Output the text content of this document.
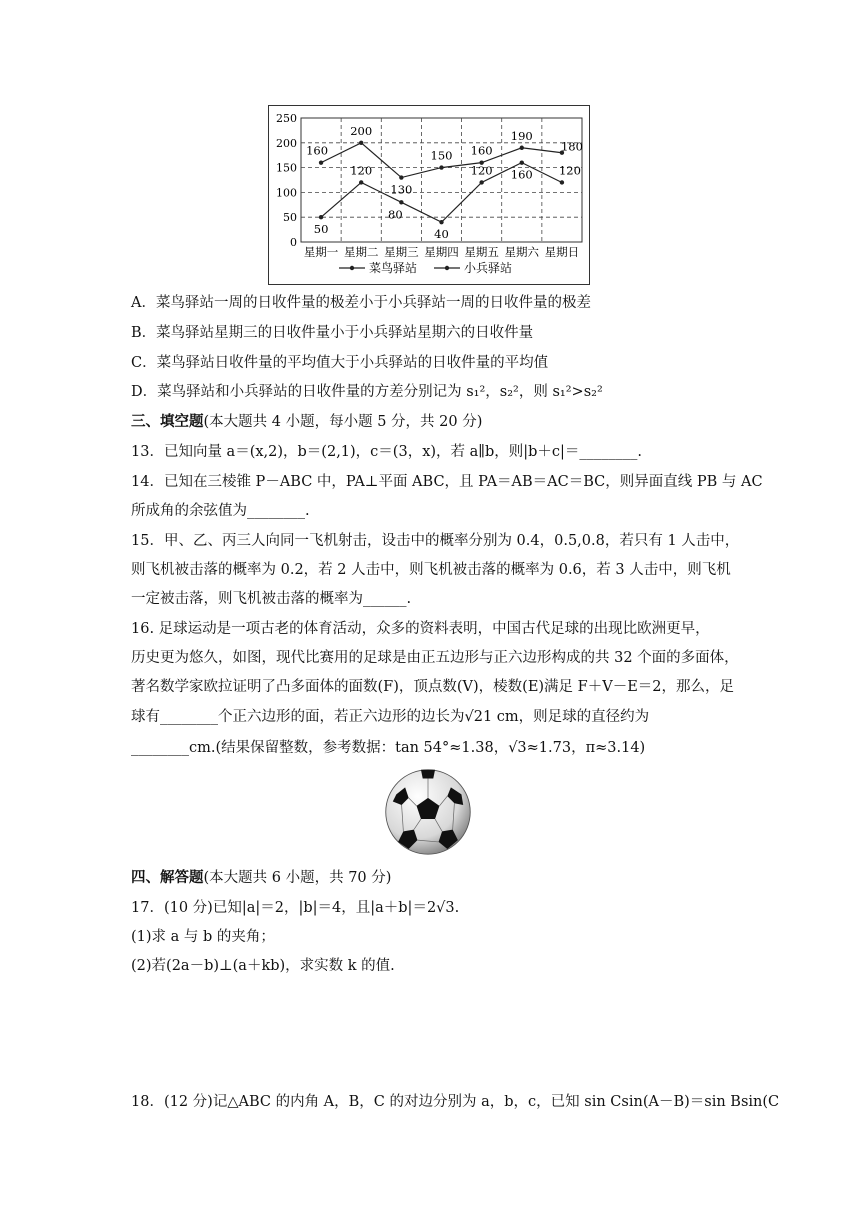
0
50
100
150
200
250
星期一 星期二 星期三 星期四 星期五 星期六 星期日
160
200
130
150 160
190
180
50
120
80
40
120 160 120
菜鸟驿站	小兵驿站
A．菜鸟驿站一周的日收件量的极差小于小兵驿站一周的日收件量的极差
B．菜鸟驿站星期三的日收件量小于小兵驿站星期六的日收件量
C．菜鸟驿站日收件量的平均值大于小兵驿站的日收件量的平均值
D．菜鸟驿站和小兵驿站的日收件量的方差分别记为 s₁²，s₂²，则 s₁²>s₂²
三、填空题(本大题共 4 小题，每小题 5 分，共 20 分)
13．已知向量 a＝(x,2)，b＝(2,1)，c＝(3，x)，若 a∥b，则|b＋c|＝________.
14．已知在三棱锥 P－ABC 中，PA⊥平面 ABC，且 PA＝AB＝AC＝BC，则异面直线 PB 与 AC
所成角的余弦值为________.
15．甲、乙、丙三人向同一飞机射击，设击中的概率分别为 0.4，0.5,0.8，若只有 1 人击中，
则飞机被击落的概率为 0.2，若 2 人击中，则飞机被击落的概率为 0.6，若 3 人击中，则飞机
一定被击落，则飞机被击落的概率为______.
16. 足球运动是一项古老的体育活动，众多的资料表明，中国古代足球的出现比欧洲更早，
历史更为悠久，如图，现代比赛用的足球是由正五边形与正六边形构成的共 32 个面的多面体，
著名数学家欧拉证明了凸多面体的面数(F)，顶点数(V)，棱数(E)满足 F＋V－E＝2，那么，足
球有________个正六边形的面，若正六边形的边长为√21 cm，则足球的直径约为
________cm.(结果保留整数，参考数据：tan 54°≈1.38，√3≈1.73，π≈3.14)
四、解答题(本大题共 6 小题，共 70 分)
17．(10 分)已知|a|＝2，|b|＝4，且|a＋b|＝2√3.
(1)求 a 与 b 的夹角；
(2)若(2a－b)⊥(a＋kb)，求实数 k 的值.
18．(12 分)记△ABC 的内角 A，B，C 的对边分别为 a，b，c，已知 sin Csin(A－B)＝sin Bsin(C
